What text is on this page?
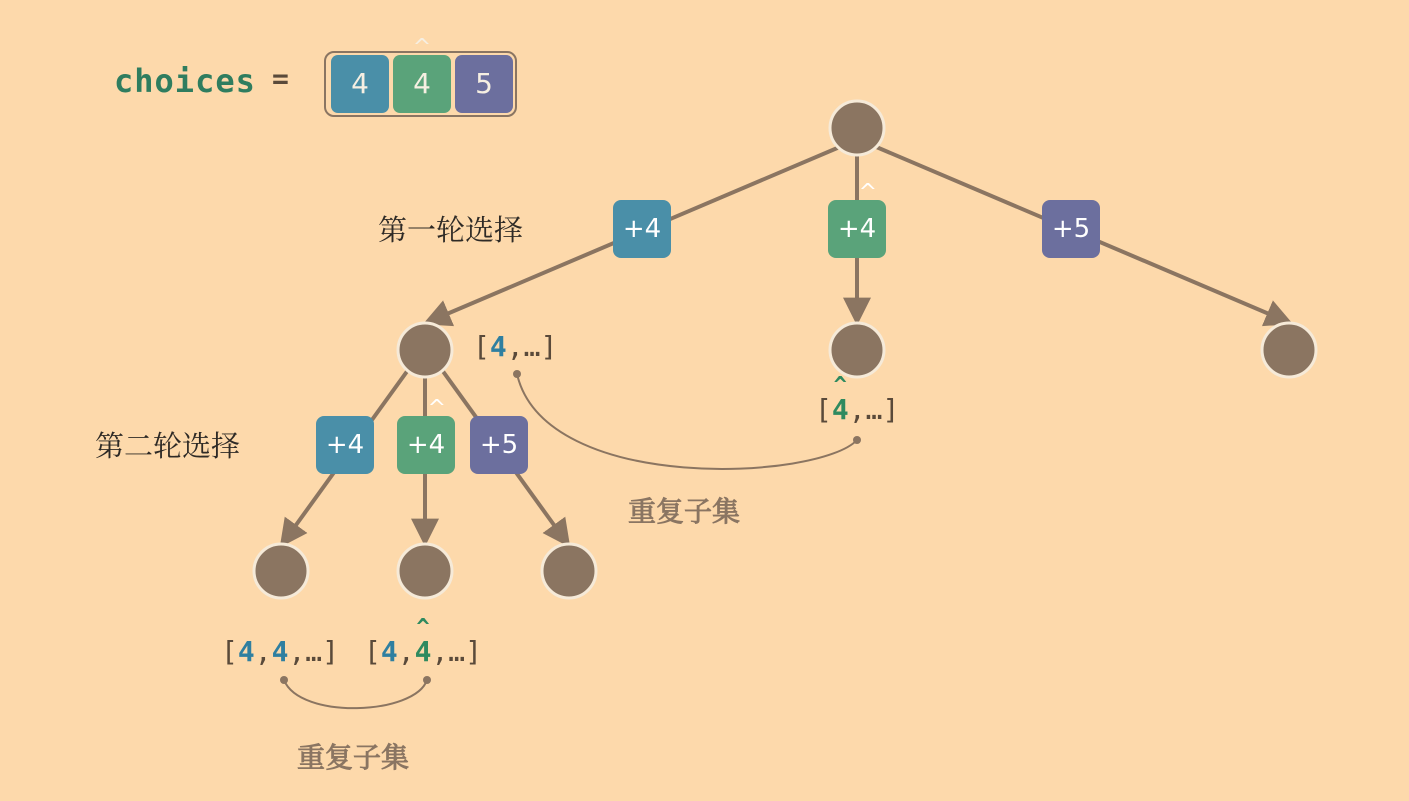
choices =	4
^	4	5
第一轮选择
第二轮选择
+4	+^ 4	+5
+4	+^ 4	+5
[4,…]
[^ 4,…]
[4,4,…] [4,^ 4,…]
重复子集
重复子集
